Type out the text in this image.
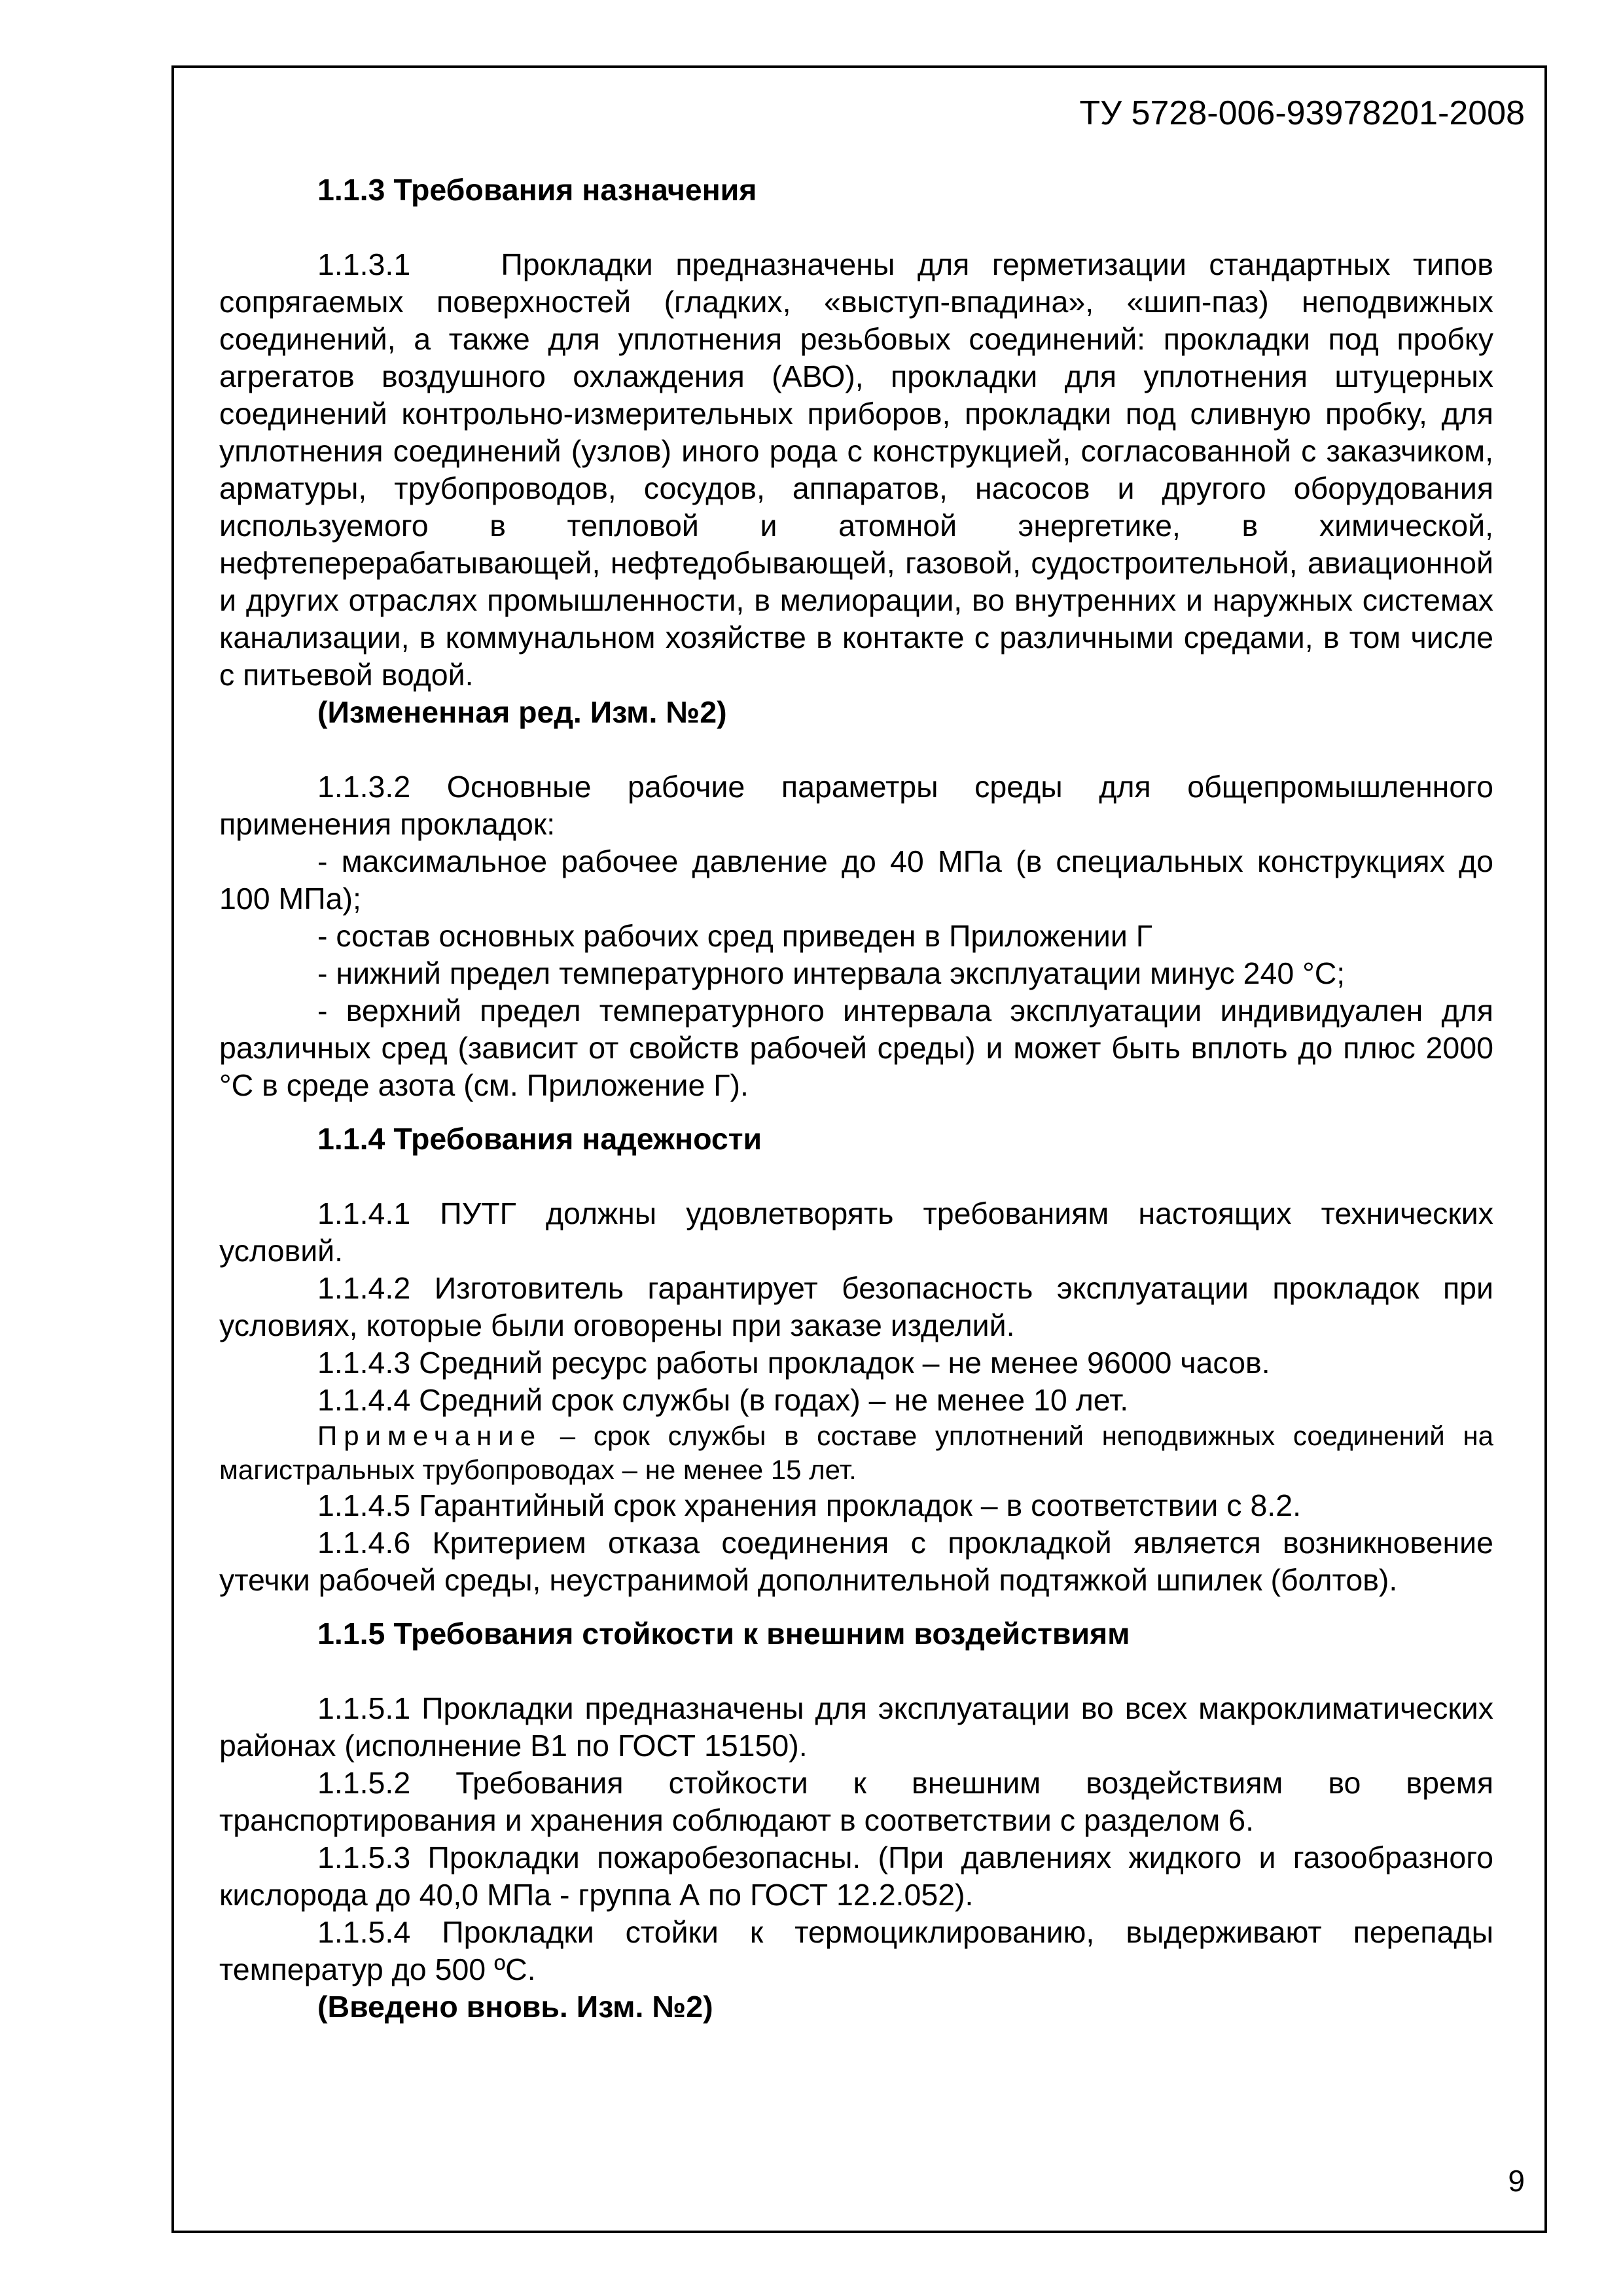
ТУ 5728-006-93978201-2008

1.1.3 Требования назначения

1.1.3.1    Прокладки предназначены для герметизации стандартных типов сопрягаемых поверхностей (гладких, «выступ-впадина», «шип-паз) неподвижных соединений, а также для уплотнения резьбовых соединений: прокладки под пробку агрегатов воздушного охлаждения (АВО), прокладки для уплотнения штуцерных соединений контрольно-измерительных приборов, прокладки под сливную пробку, для уплотнения соединений (узлов) иного рода с конструкцией, согласованной с заказчиком, арматуры, трубопроводов, сосудов, аппаратов, насосов и другого оборудования используемого в тепловой и атомной энергетике, в химической, нефтеперерабатывающей, нефтедобывающей, газовой, судостроительной, авиационной и других отраслях промышленности, в мелиорации, во внутренних и наружных системах канализации, в коммунальном хозяйстве в контакте с различными средами, в том числе с питьевой водой.

(Измененная ред. Изм. №2)

1.1.3.2 Основные рабочие параметры среды для общепромышленного применения прокладок:

- максимальное рабочее давление до 40 МПа (в специальных конструкциях до 100 МПа);

- состав основных рабочих сред приведен в Приложении Г

- нижний предел температурного интервала эксплуатации минус 240 °С;

- верхний предел температурного интервала эксплуатации индивидуален для различных сред (зависит от свойств рабочей среды) и может быть вплоть до плюс 2000 °С в среде азота (см. Приложение Г).

1.1.4 Требования надежности

1.1.4.1 ПУТГ должны удовлетворять требованиям настоящих технических условий.

1.1.4.2 Изготовитель гарантирует безопасность эксплуатации прокладок при условиях, которые были оговорены при заказе изделий.

1.1.4.3 Средний ресурс работы прокладок – не менее 96000 часов.

1.1.4.4 Средний срок службы (в годах) – не менее 10 лет.

Примечание – срок службы в составе уплотнений неподвижных соединений на магистральных трубопроводах – не менее 15 лет.

1.1.4.5 Гарантийный срок хранения прокладок – в соответствии с 8.2.

1.1.4.6 Критерием отказа соединения с прокладкой является возникновение утечки рабочей среды, неустранимой дополнительной подтяжкой шпилек (болтов).

1.1.5 Требования стойкости к внешним воздействиям

1.1.5.1 Прокладки предназначены для эксплуатации во всех макроклиматических районах (исполнение В1 по ГОСТ 15150).

1.1.5.2 Требования стойкости к внешним воздействиям во время транспортирования и хранения соблюдают в соответствии с разделом 6.

1.1.5.3 Прокладки пожаробезопасны. (При давлениях жидкого и газообразного кислорода до 40,0 МПа - группа А по ГОСТ 12.2.052).

1.1.5.4 Прокладки стойки к термоциклированию, выдерживают перепады температур до 500 ºС.

(Введено вновь. Изм. №2)

9
